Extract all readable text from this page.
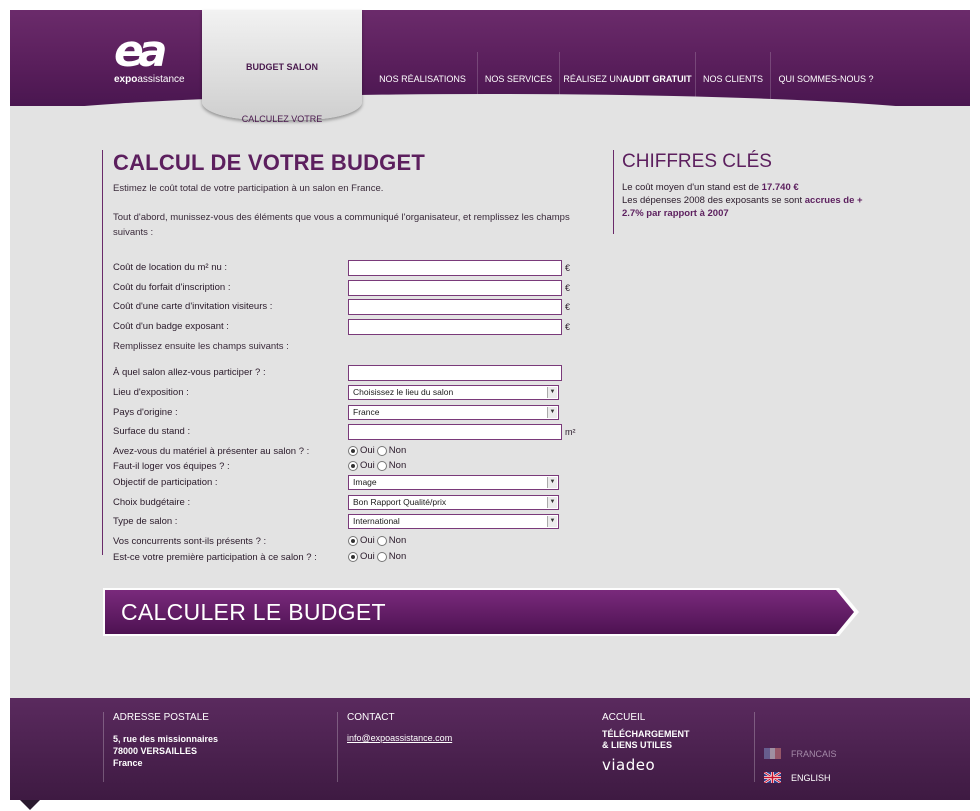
ea
expoassistance	NOS RÉALISATIONS NOS SERVICES RÉALISEZ UN AUDIT GRATUIT NOS CLIENTS QUI SOMMES-NOUS ?
CALCULEZ VOTRE
BUDGET SALON
CALCUL DE VOTRE BUDGET
Estimez le coût total de votre participation à un salon en France.
Tout d'abord, munissez-vous des éléments que vous a communiqué l'organisateur, et remplissez les champs suivants :
Coût de location du m² nu :	€
Coût du forfait d'inscription :	€
Coût d'une carte d'invitation visiteurs :	€
Coût d'un badge exposant :	€
Remplissez ensuite les champs suivants :
À quel salon allez-vous participer ? :
Lieu d'exposition :	Choisissez le lieu du salon	▼
Pays d'origine :	France	▼
Surface du stand :	m²
Avez-vous du matériel à présenter au salon ? :	Oui Non
Faut-il loger vos équipes ? :	Oui Non
Objectif de participation :	Image	▼
Choix budgétaire :	Bon Rapport Qualité/prix	▼
Type de salon :	International	▼
Vos concurrents sont-ils présents ? :	Oui Non
Est-ce votre première participation à ce salon ? :	Oui Non
CHIFFRES CLÉS
Le coût moyen d'un stand est de 17.740 €
Les dépenses 2008 des exposants se sont accrues de + 2.7% par rapport à 2007
CALCULER LE BUDGET
ADRESSE POSTALE
5, rue des missionnaires
78000 VERSAILLES
France
CONTACT
info@expoassistance.com
ACCUEIL
TÉLÉCHARGEMENT
& LIENS UTILES
viadeo
FRANCAIS
ENGLISH
